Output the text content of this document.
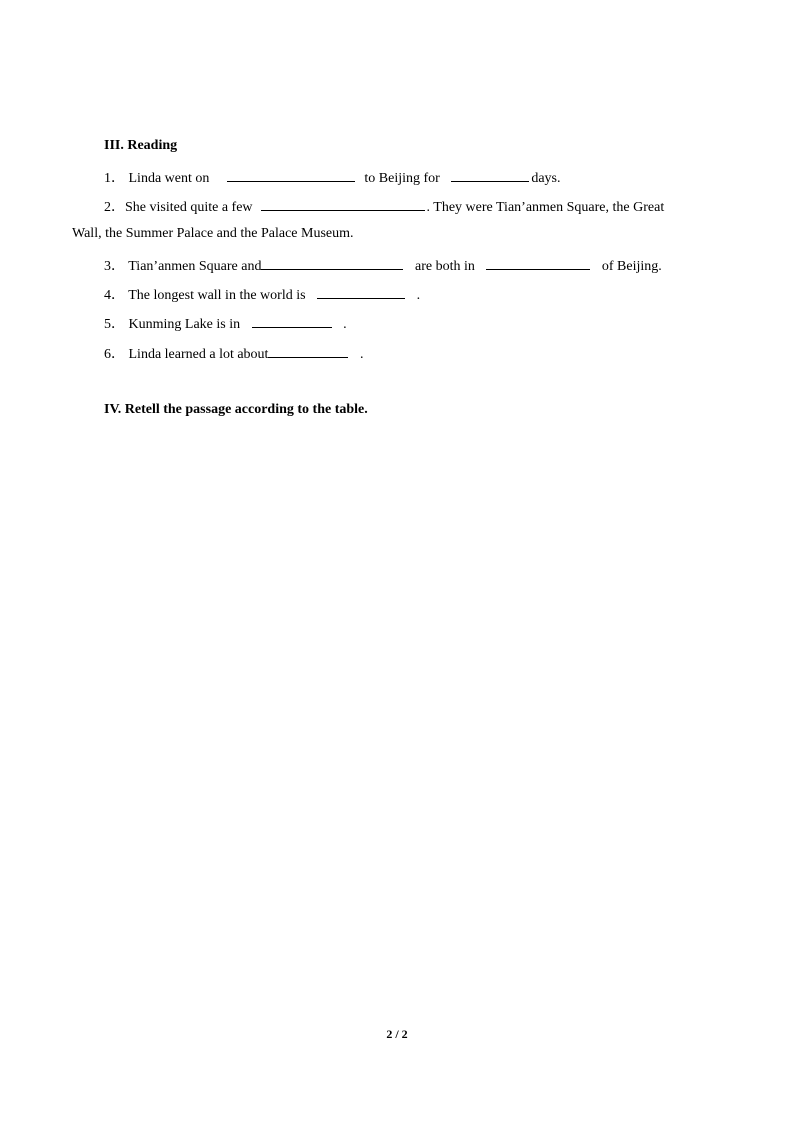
III. Reading
1． Linda went on	to Beijing for	days.
2． She visited quite a few	. They were Tian’anmen Square, the Great
Wall, the Summer Palace and the Palace Museum.
3． Tian’anmen Square and	are both in	of Beijing.
4． The longest wall in the world is	.
5． Kunming Lake is in	.
6． Linda learned a lot about	.
IV. Retell the passage according to the table.
2 / 2
